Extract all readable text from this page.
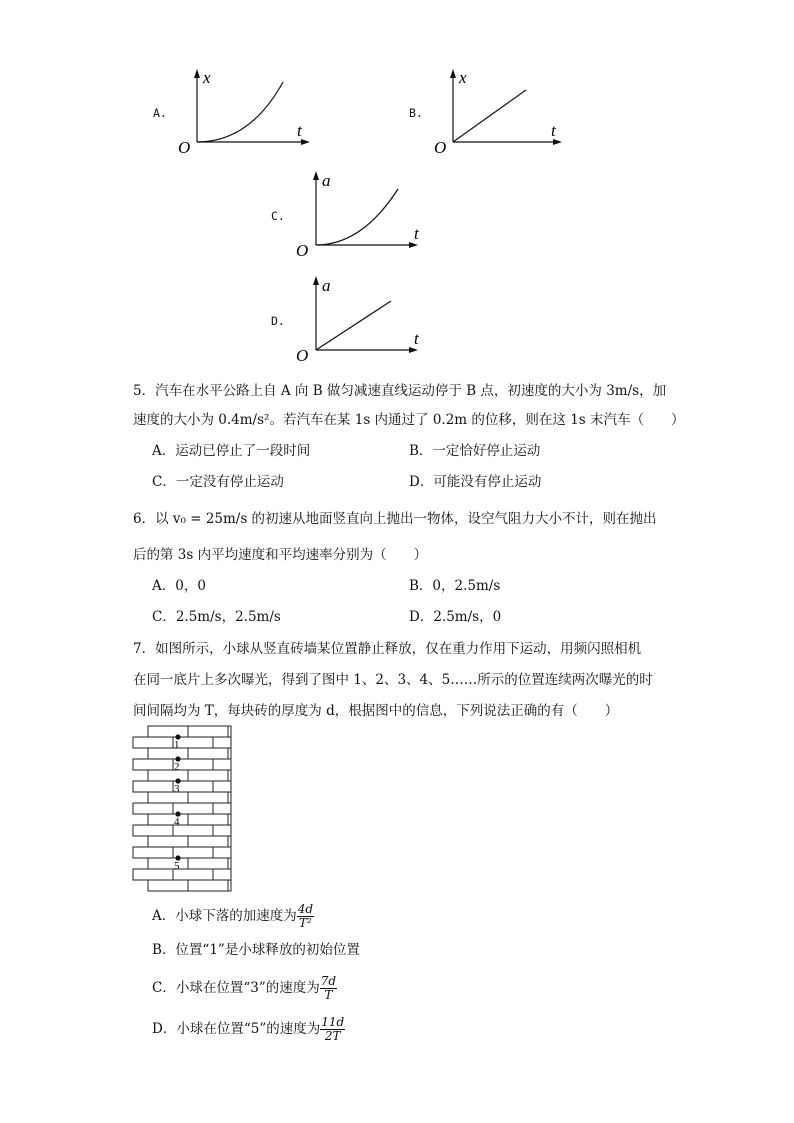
A.
x
t
O
B.
x
t
O
C.
a
t
O
D.
a
t
O
5．汽车在水平公路上自 A 向 B 做匀减速直线运动停于 B 点，初速度的大小为 3m/s，加
速度的大小为 0.4m/s²。若汽车在某 1s 内通过了 0.2m 的位移，则在这 1s 末汽车（　　）
A．运动已停止了一段时间	B．一定恰好停止运动
C．一定没有停止运动	D．可能没有停止运动
6．以 v₀ = 25m/s 的初速从地面竖直向上抛出一物体，设空气阻力大小不计，则在抛出
后的第 3s 内平均速度和平均速率分别为（　　）
A．0，0	B．0，2.5m/s
C．2.5m/s，2.5m/s	D．2.5m/s，0
7．如图所示，小球从竖直砖墙某位置静止释放，仅在重力作用下运动，用频闪照相机
在同一底片上多次曝光，得到了图中 1、2、3、4、5……所示的位置连续两次曝光的时
间间隔均为 T，每块砖的厚度为 d，根据图中的信息，下列说法正确的有（　　）
1
2
3
4
5
A．小球下落的加速度为 $\frac{4d}{\text{T²}}$
B．位置“1”是小球释放的初始位置
C．小球在位置“3”的速度为 $\frac{7d}{T}$
D．小球在位置“5”的速度为 $\frac{11d}{2T}$
